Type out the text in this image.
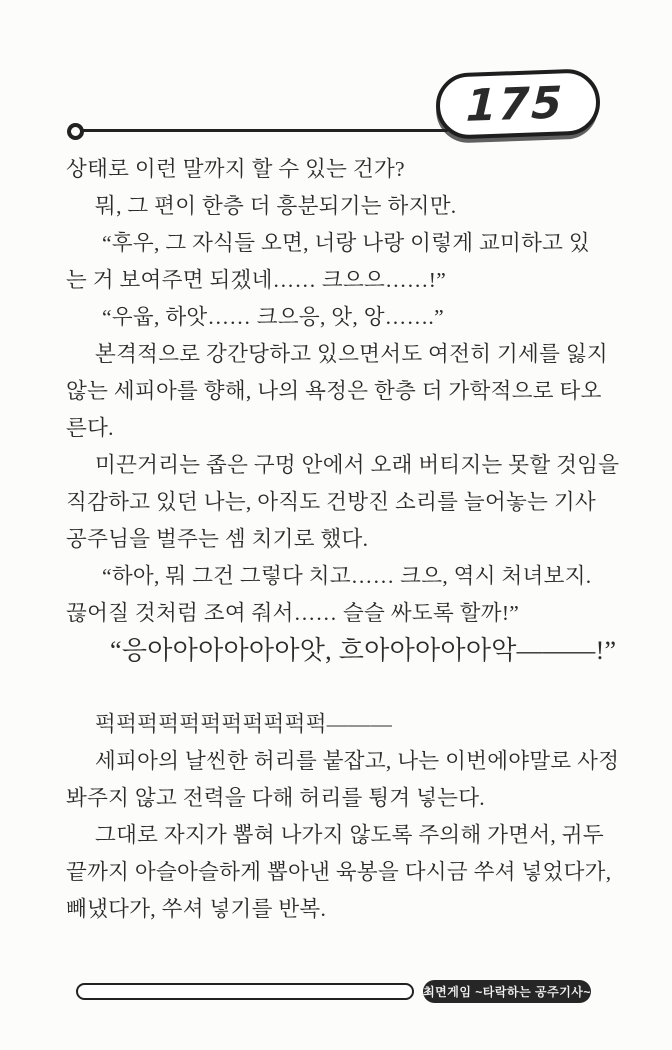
175
상태로 이런 말까지 할 수 있는 건가?
뭐, 그 편이 한층 더 흥분되기는 하지만.
“후우, 그 자식들 오면, 너랑 나랑 이렇게 교미하고 있
는 거 보여주면 되겠네…… 크으으……!”
“우웁, 하앗…… 크으응, 앗, 앙…….”
본격적으로 강간당하고 있으면서도 여전히 기세를 잃지
않는 세피아를 향해, 나의 욕정은 한층 더 가학적으로 타오
른다.
미끈거리는 좁은 구멍 안에서 오래 버티지는 못할 것임을
직감하고 있던 나는, 아직도 건방진 소리를 늘어놓는 기사
공주님을 벌주는 셈 치기로 했다.
“하아, 뭐 그건 그렇다 치고…… 크으, 역시 처녀보지.
끊어질 것처럼 조여 줘서…… 슬슬 싸도록 할까!”
“응아아아아아아앗, 흐아아아아아악———!”
퍽퍽퍽퍽퍽퍽퍽퍽퍽퍽퍽———
세피아의 날씬한 허리를 붙잡고, 나는 이번에야말로 사정
봐주지 않고 전력을 다해 허리를 튕겨 넣는다.
그대로 자지가 뽑혀 나가지 않도록 주의해 가면서, 귀두
끝까지 아슬아슬하게 뽑아낸 육봉을 다시금 쑤셔 넣었다가,
빼냈다가, 쑤셔 넣기를 반복.
최면게임 ~타락하는 공주기사~
